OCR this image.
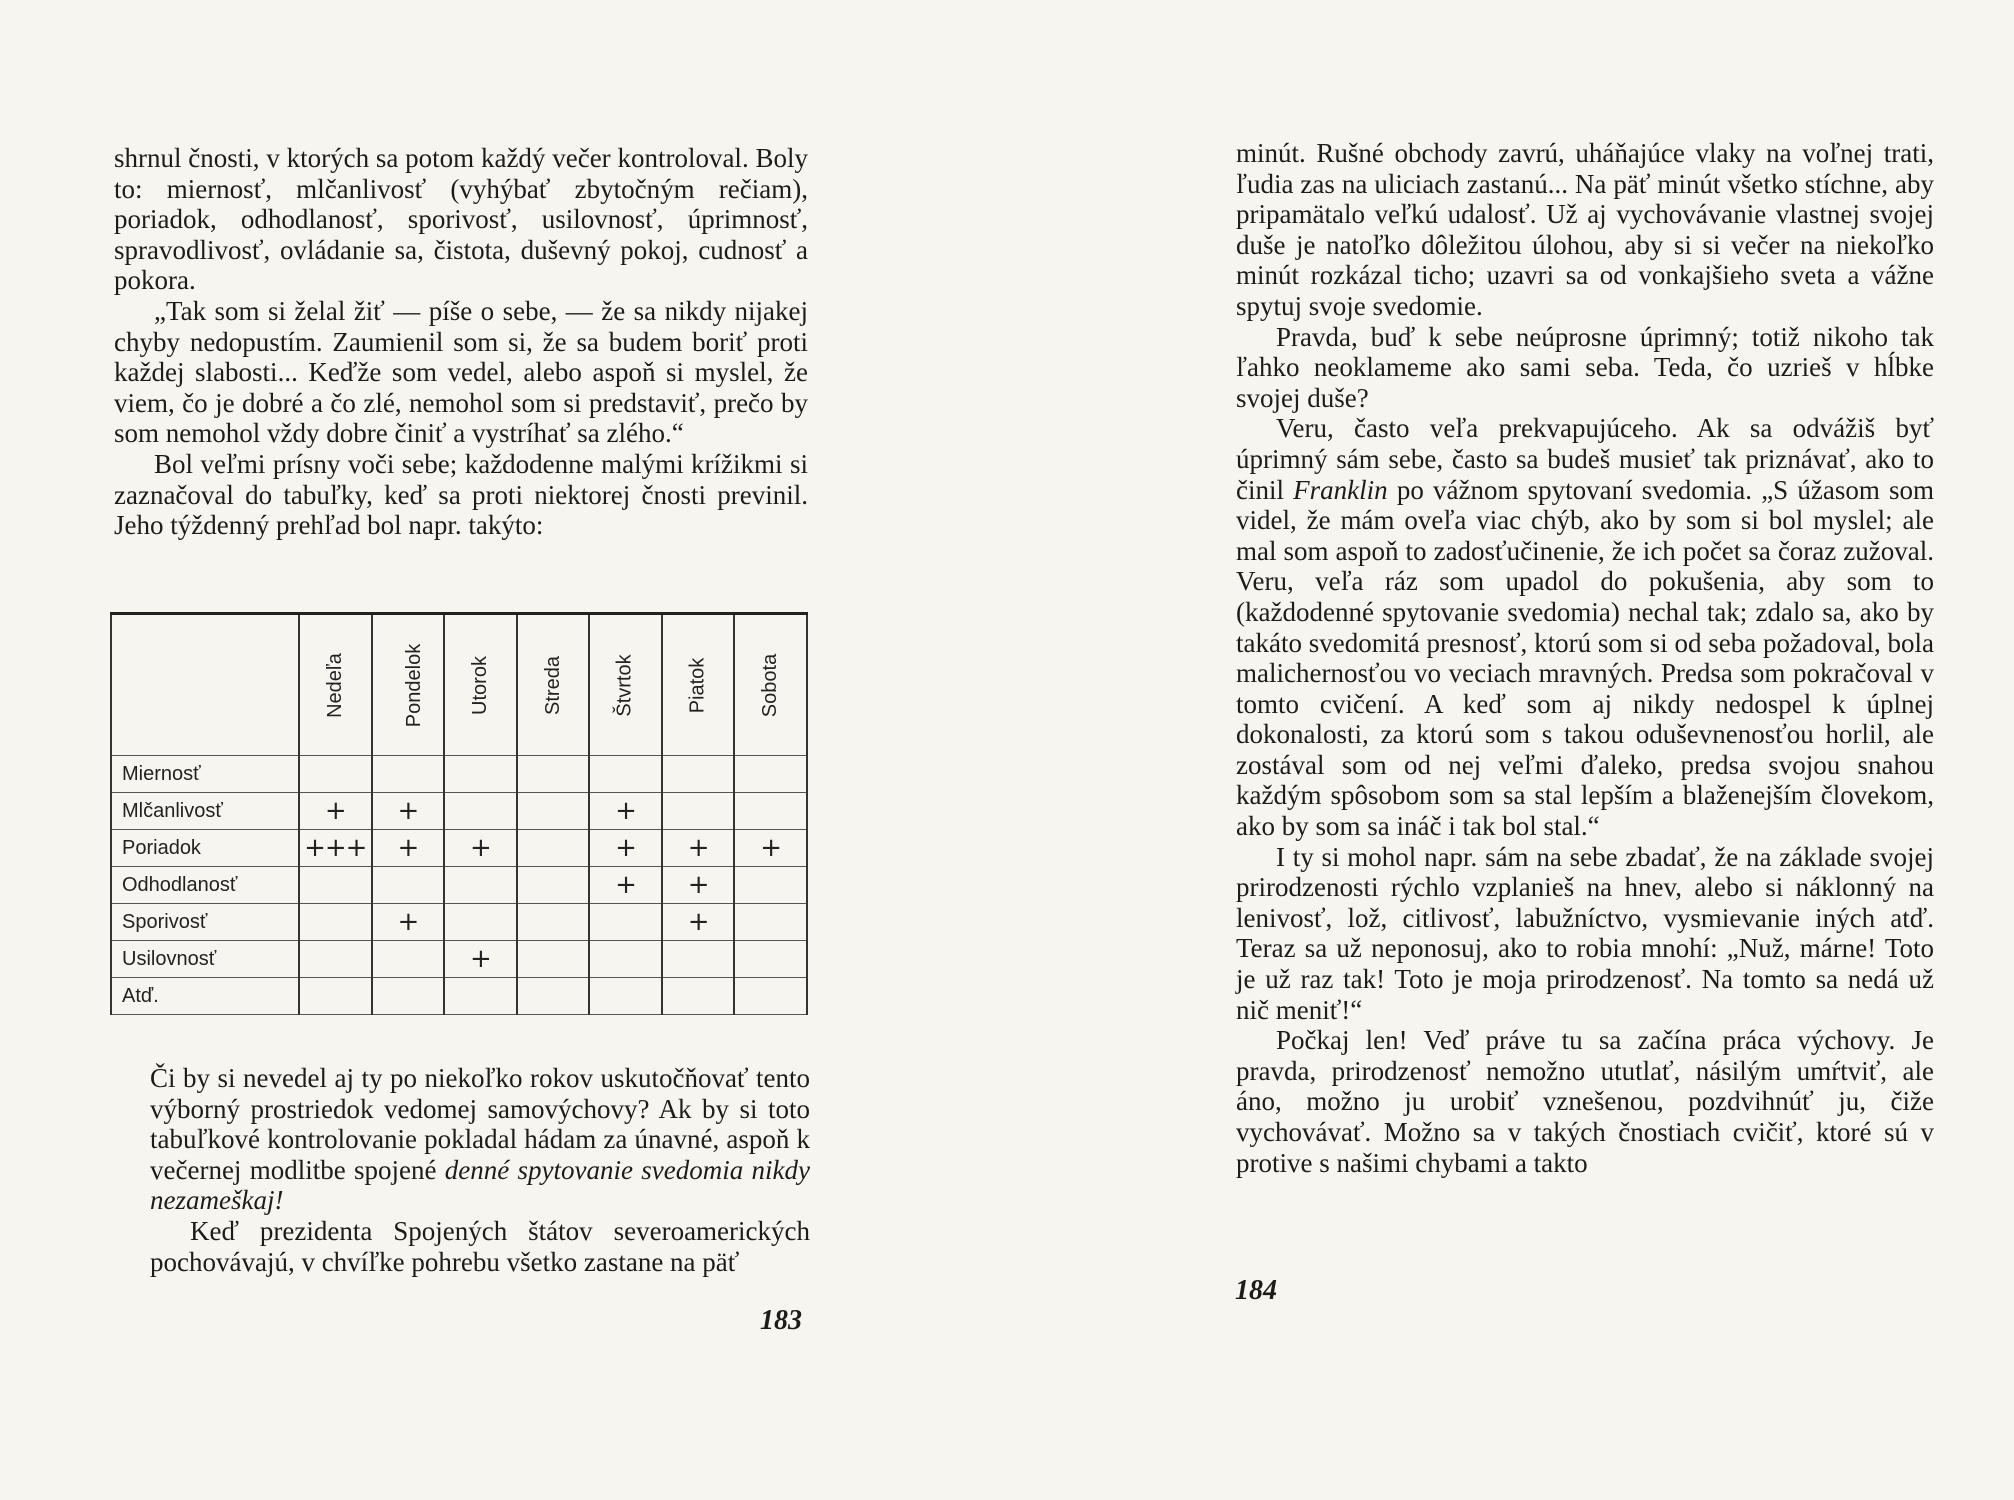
shrnul čnosti, v ktorých sa potom každý večer kontroloval. Boly to: miernosť, mlčanlivosť (vyhýbať zbytočným rečiam), poriadok, odhodlanosť, sporivosť, usilovnosť, úprimnosť, spravodlivosť, ovládanie sa, čistota, duševný pokoj, cudnosť a pokora.

„Tak som si želal žiť — píše o sebe, — že sa nikdy nijakej chyby nedopustím. Zaumienil som si, že sa budem boriť proti každej slabosti... Keďže som vedel, alebo aspoň si myslel, že viem, čo je dobré a čo zlé, nemohol som si predstaviť, prečo by som nemohol vždy dobre činiť a vystríhať sa zlého.“

Bol veľmi prísny voči sebe; každodenne malými krížikmi si zaznačoval do tabuľky, keď sa proti niektorej čnosti previnil. Jeho týždenný prehľad bol napr. takýto:

	Nedeľa	Pondelok	Utorok	Streda	Štvrtok	Piatok	Sobota
Miernosť							
Mlčanlivosť	+	+			+		
Poriadok	+++	+	+		+	+	+
Odhodlanosť					+	+	
Sporivosť		+				+	
Usilovnosť			+				
Atď.							

Či by si nevedel aj ty po niekoľko rokov uskutočňovať tento výborný prostriedok vedomej samovýchovy? Ak by si toto tabuľkové kontrolovanie pokladal hádam za únavné, aspoň k večernej modlitbe spojené denné spytovanie svedomia nikdy nezameškaj!

Keď prezidenta Spojených štátov severoamerických pochovávajú, v chvíľke pohrebu všetko zastane na päť

183

minút. Rušné obchody zavrú, uháňajúce vlaky na voľnej trati, ľudia zas na uliciach zastanú... Na päť minút všetko stíchne, aby pripamätalo veľkú udalosť. Už aj vychovávanie vlastnej svojej duše je natoľko dôležitou úlohou, aby si si večer na niekoľko minút rozkázal ticho; uzavri sa od vonkajšieho sveta a vážne spytuj svoje svedomie.

Pravda, buď k sebe neúprosne úprimný; totiž nikoho tak ľahko neoklameme ako sami seba. Teda, čo uzrieš v hĺbke svojej duše?

Veru, často veľa prekvapujúceho. Ak sa odvážiš byť úprimný sám sebe, často sa budeš musieť tak priznávať, ako to činil Franklin po vážnom spytovaní svedomia. „S úžasom som videl, že mám oveľa viac chýb, ako by som si bol myslel; ale mal som aspoň to zadosťučinenie, že ich počet sa čoraz zužoval. Veru, veľa ráz som upadol do pokušenia, aby som to (každodenné spytovanie svedomia) nechal tak; zdalo sa, ako by takáto svedomitá presnosť, ktorú som si od seba požadoval, bola malichernosťou vo veciach mravných. Predsa som pokračoval v tomto cvičení. A keď som aj nikdy nedospel k úplnej dokonalosti, za ktorú som s takou oduševnenosťou horlil, ale zostával som od nej veľmi ďaleko, predsa svojou snahou každým spôsobom som sa stal lepším a blaženejším človekom, ako by som sa ináč i tak bol stal.“

I ty si mohol napr. sám na sebe zbadať, že na základe svojej prirodzenosti rýchlo vzplanieš na hnev, alebo si náklonný na lenivosť, lož, citlivosť, labužníctvo, vysmievanie iných atď. Teraz sa už neponosuj, ako to robia mnohí: „Nuž, márne! Toto je už raz tak! Toto je moja prirodzenosť. Na tomto sa nedá už nič meniť!“

Počkaj len! Veď práve tu sa začína práca výchovy. Je pravda, prirodzenosť nemožno ututlať, násilým umŕtviť, ale áno, možno ju urobiť vznešenou, pozdvihnúť ju, čiže vychovávať. Možno sa v takých čnostiach cvičiť, ktoré sú v protive s našimi chybami a takto

184
